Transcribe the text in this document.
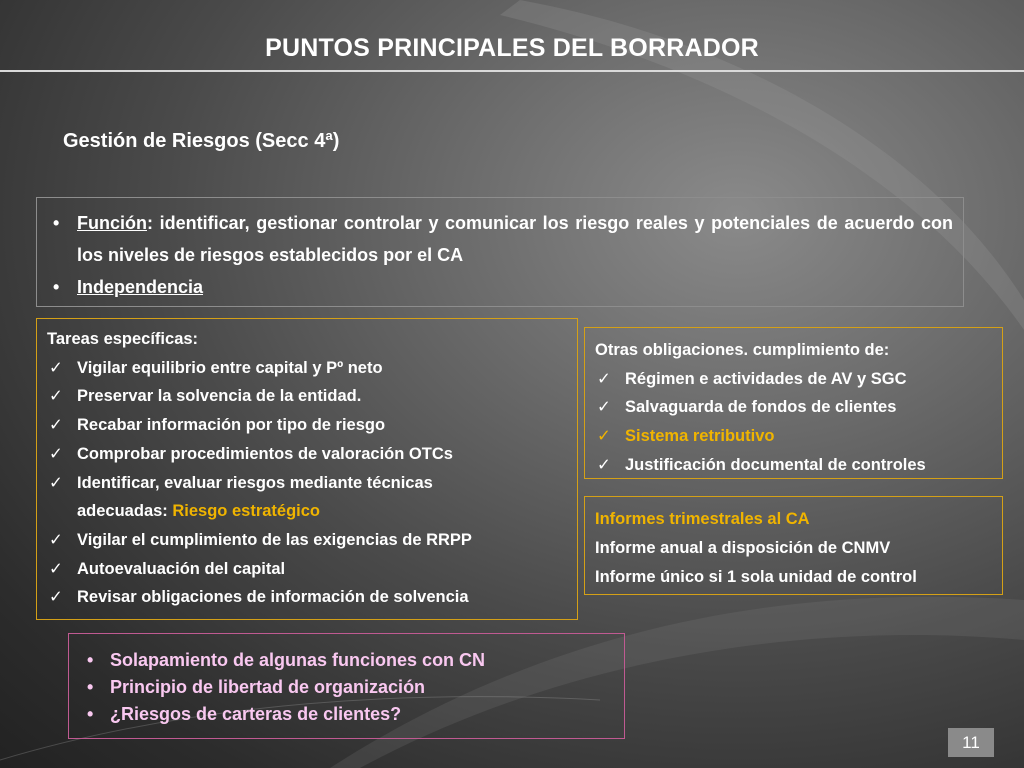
PUNTOS PRINCIPALES DEL BORRADOR
Gestión de Riesgos (Secc 4ª)
• Función: identificar, gestionar controlar y comunicar los riesgo reales y potenciales de acuerdo con los niveles de riesgos establecidos por el CA
• Independencia
Tareas específicas:
✓ Vigilar equilibrio entre capital y Pº neto
✓ Preservar la solvencia de la entidad.
✓ Recabar información por tipo de riesgo
✓ Comprobar procedimientos de valoración OTCs
✓ Identificar, evaluar riesgos mediante técnicas
adecuadas: Riesgo estratégico
✓ Vigilar el cumplimiento de las exigencias de RRPP
✓ Autoevaluación del capital
✓ Revisar obligaciones de información de solvencia
Otras obligaciones. cumplimiento de:
✓ Régimen e actividades de AV y SGC
✓ Salvaguarda de fondos de clientes
✓ Sistema retributivo
✓ Justificación documental de controles
Informes trimestrales al CA
Informe anual a disposición de CNMV
Informe único si 1 sola unidad de control
• Solapamiento de algunas funciones con CN
• Principio de libertad de organización
• ¿Riesgos de carteras de clientes?
11
